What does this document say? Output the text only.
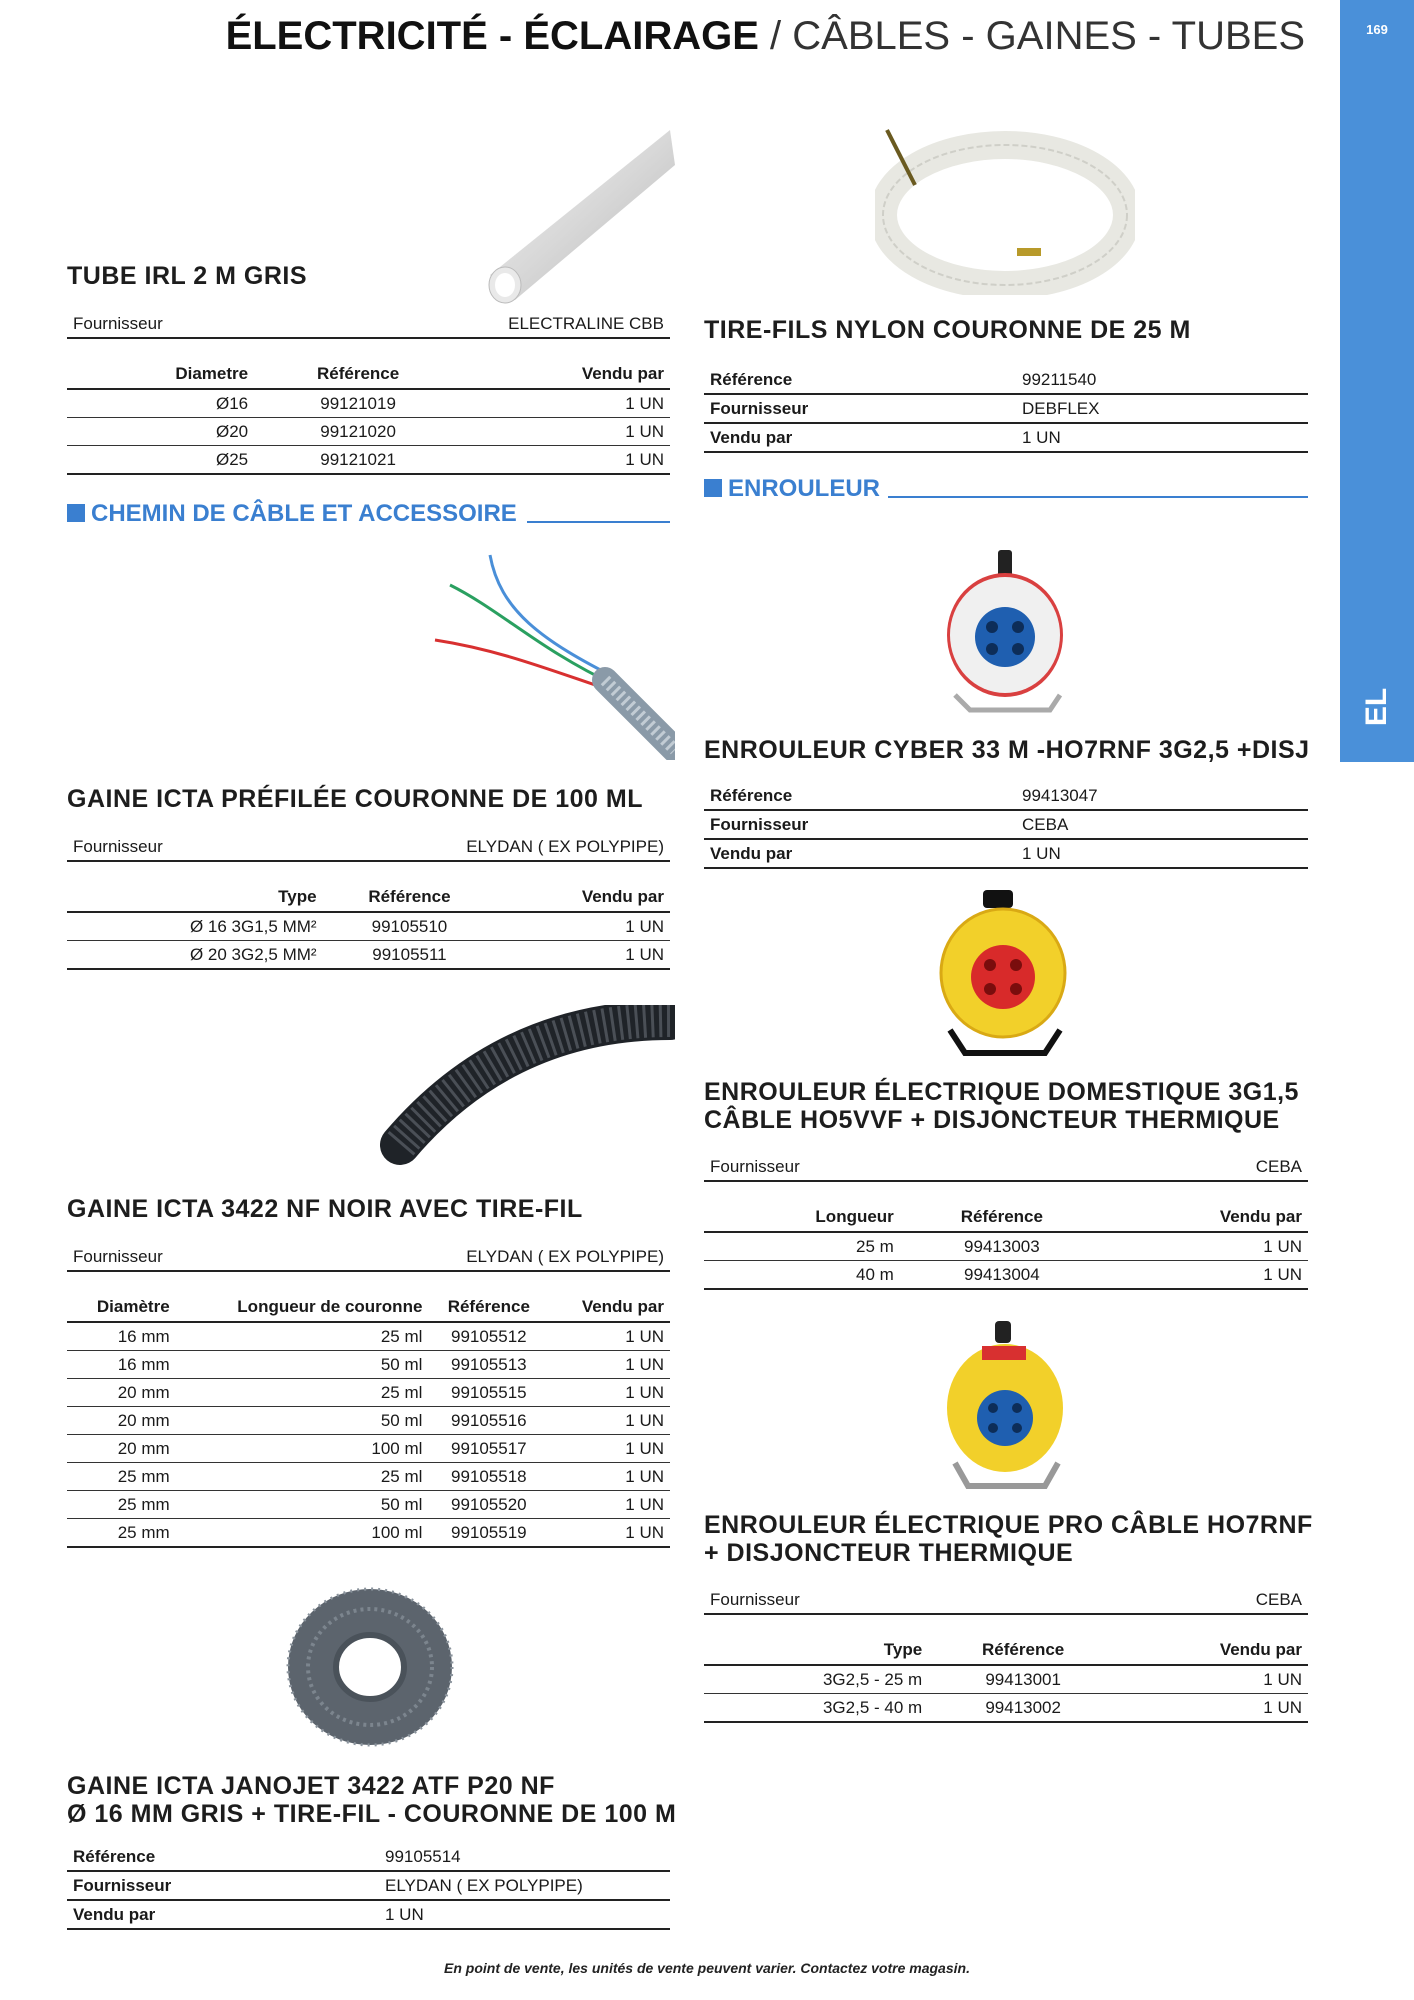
ÉLECTRICITÉ - ÉCLAIRAGE / CÂBLES - GAINES - TUBES	169
EL
TUBE IRL 2 M GRIS
Fournisseur	ELECTRALINE CBB
Diametre	Référence	Vendu par
Ø16	99121019	1 UN
Ø20	99121020	1 UN
Ø25	99121021	1 UN
CHEMIN DE CÂBLE ET ACCESSOIRE
GAINE ICTA PRÉFILÉE COURONNE DE 100 ML
Fournisseur	ELYDAN ( EX POLYPIPE)
Type	Référence	Vendu par
Ø 16 3G1,5 MM²	99105510	1 UN
Ø 20 3G2,5 MM²	99105511	1 UN
GAINE ICTA 3422 NF NOIR AVEC TIRE-FIL
Fournisseur	ELYDAN ( EX POLYPIPE)
Diamètre	Longueur de couronne	Référence	Vendu par
16 mm	25 ml	99105512	1 UN
16 mm	50 ml	99105513	1 UN
20 mm	25 ml	99105515	1 UN
20 mm	50 ml	99105516	1 UN
20 mm	100 ml	99105517	1 UN
25 mm	25 ml	99105518	1 UN
25 mm	50 ml	99105520	1 UN
25 mm	100 ml	99105519	1 UN
GAINE ICTA JANOJET 3422 ATF P20 NF
Ø 16 MM GRIS + TIRE-FIL - COURONNE DE 100 M
Référence	99105514
Fournisseur	ELYDAN ( EX POLYPIPE)
Vendu par	1 UN
TIRE-FILS NYLON COURONNE DE 25 M
Référence	99211540
Fournisseur	DEBFLEX
Vendu par	1 UN
ENROULEUR
ENROULEUR CYBER 33 M -HO7RNF 3G2,5 +DISJ
Référence	99413047
Fournisseur	CEBA
Vendu par	1 UN
ENROULEUR ÉLECTRIQUE DOMESTIQUE 3G1,5
CÂBLE HO5VVF + DISJONCTEUR THERMIQUE
Fournisseur	CEBA
Longueur	Référence	Vendu par
25 m	99413003	1 UN
40 m	99413004	1 UN
ENROULEUR ÉLECTRIQUE PRO CÂBLE HO7RNF
+ DISJONCTEUR THERMIQUE
Fournisseur	CEBA
Type	Référence	Vendu par
3G2,5 - 25 m	99413001	1 UN
3G2,5 - 40 m	99413002	1 UN
En point de vente, les unités de vente peuvent varier. Contactez votre magasin.
